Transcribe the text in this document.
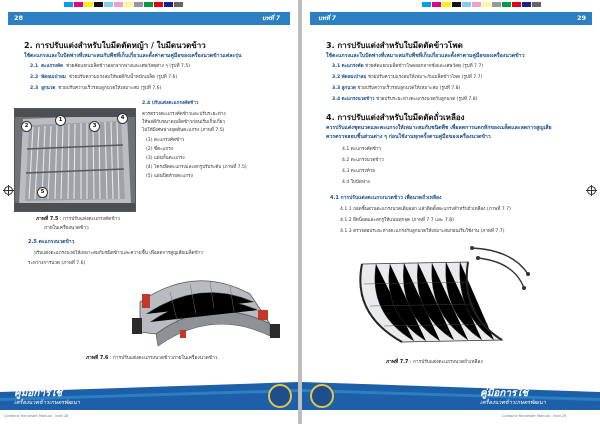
28	บทที่ 7
2. การปรับแต่งสำหรับใบมีดตัดหญ้า / ใบมีดนวดข้าว
ใช้ตะแกรงและใบปัดฟางที่เหมาะสมกับพืชที่เก็บเกี่ยวและตั้งค่าตามคู่มือของเครื่องนวดข้าวแต่ละรุ่น
2.1 ตะแกรงคัด ช่วยคัดแยกเมล็ดข้าวออกจากฟางและเศษวัสดุต่าง ๆ (รูปที่ 7.5)
2.2 พัดลมเป่าลม ช่วยปรับความแรงลมให้พอดีกับน้ำหนักเมล็ด (รูปที่ 7.6)
2.3 ลูกนวด ช่วยปรับความเร็วรอบลูกนวดให้เหมาะสม (รูปที่ 7.6)
2
1
3
4
5
2.4 ปรับแต่งตะแกรงคัดข้าว
ควรตรวจตะแกรงคัดข้าวและปรับระยะห่าง
ให้พอดีกับขนาดเมล็ดข้าวก่อนเริ่มเก็บเกี่ยว
ไม่ให้มีเศษฟางอุดตันตะแกรง (ภาพที่ 7.5)
(1) ตะแกรงคัดข้าว
(2) ซี่ตะแกรง
(3) แผ่นกั้นตะแกรง
(4) โครงยึดตะแกรงและสกรูปรับระดับ (ภาพที่ 7.5)
(5) แผ่นปิดท้ายตะแกรง
ภาพที่ 7.5 : การปรับแต่งตะแกรงคัดข้าว
ภายในเครื่องนวดข้าว
2.5 ตะแกรงนวดข้าว
ปรับแต่งตะแกรงนวดให้เหมาะสมกับชนิดข้าวและความชื้น เพื่อลดการสูญเสียเมล็ดข้าว
ระหว่างการนวด (ภาพที่ 7.6)
ภาพที่ 7.6 : การปรับแต่งตะแกรงนวดข้าวภายในเครื่องนวดข้าว
คู่มือการใช้
เครื่องนวดข้าวเกษตรพัฒนา
Combine Harvester Manual . indd 28
บทที่ 7	29
3. การปรับแต่งสำหรับใบมีดตัดข้าวโพด
ใช้ตะแกรงและใบปัดฟางที่เหมาะสมกับพืชที่เก็บเกี่ยวและตั้งค่าตามคู่มือของเครื่องนวดข้าว
3.1 ตะแกรงคัด ช่วยคัดแยกเมล็ดข้าวโพดออกจากซังและเศษวัสดุ (รูปที่ 7.7)
3.2 พัดลมเป่าลม ช่วยปรับความแรงลมให้เหมาะกับเมล็ดข้าวโพด (รูปที่ 7.7)
3.3 ลูกนวด ช่วยปรับความเร็วรอบลูกนวดให้เหมาะสม (รูปที่ 7.8)
3.4 ตะแกรงนวดข้าว ช่วยปรับระยะห่างตะแกรงนวดกับลูกนวด (รูปที่ 7.8)
4. การปรับแต่งสำหรับใบมีดตัดถั่วเหลือง
ควรปรับแต่งชุดนวดและตะแกรงให้เหมาะสมกับชนิดพืช เพื่อลดการแตกหักของเมล็ดและลดการสูญเสีย
ควรตรวจสอบชิ้นส่วนต่าง ๆ ก่อนใช้งานทุกครั้งตามคู่มือของเครื่องนวดข้าว
4.1 ตะแกรงคัดข้าว
4.2 ตะแกรงนวดข้าว
4.3 ตะแกรงท้าย
4.4 ใบปัดฟาง
4.1 การปรับแต่งตะแกรงนวดข้าว เพื่อนวดถั่วเหลือง
4.1.1 ถอดชิ้นส่วนตะแกรงนวดเดิมออก แล้วติดตั้งตะแกรงสำหรับถั่วเหลือง (ภาพที่ 7.7)
4.1.2 ยึดน็อตและสกรูให้แน่นทุกจุด (ภาพที่ 7.7 และ 7.8)
4.1.3 ตรวจสอบระยะห่างตะแกรงกับลูกนวดให้เหมาะสมก่อนเริ่มใช้งาน (ภาพที่ 7.7)
ภาพที่ 7.7 : การปรับแต่งตะแกรงนวดถั่วเหลือง
คู่มือการใช้
เครื่องนวดข้าวเกษตรพัฒนา
Combine Harvester Manual . indd 29
